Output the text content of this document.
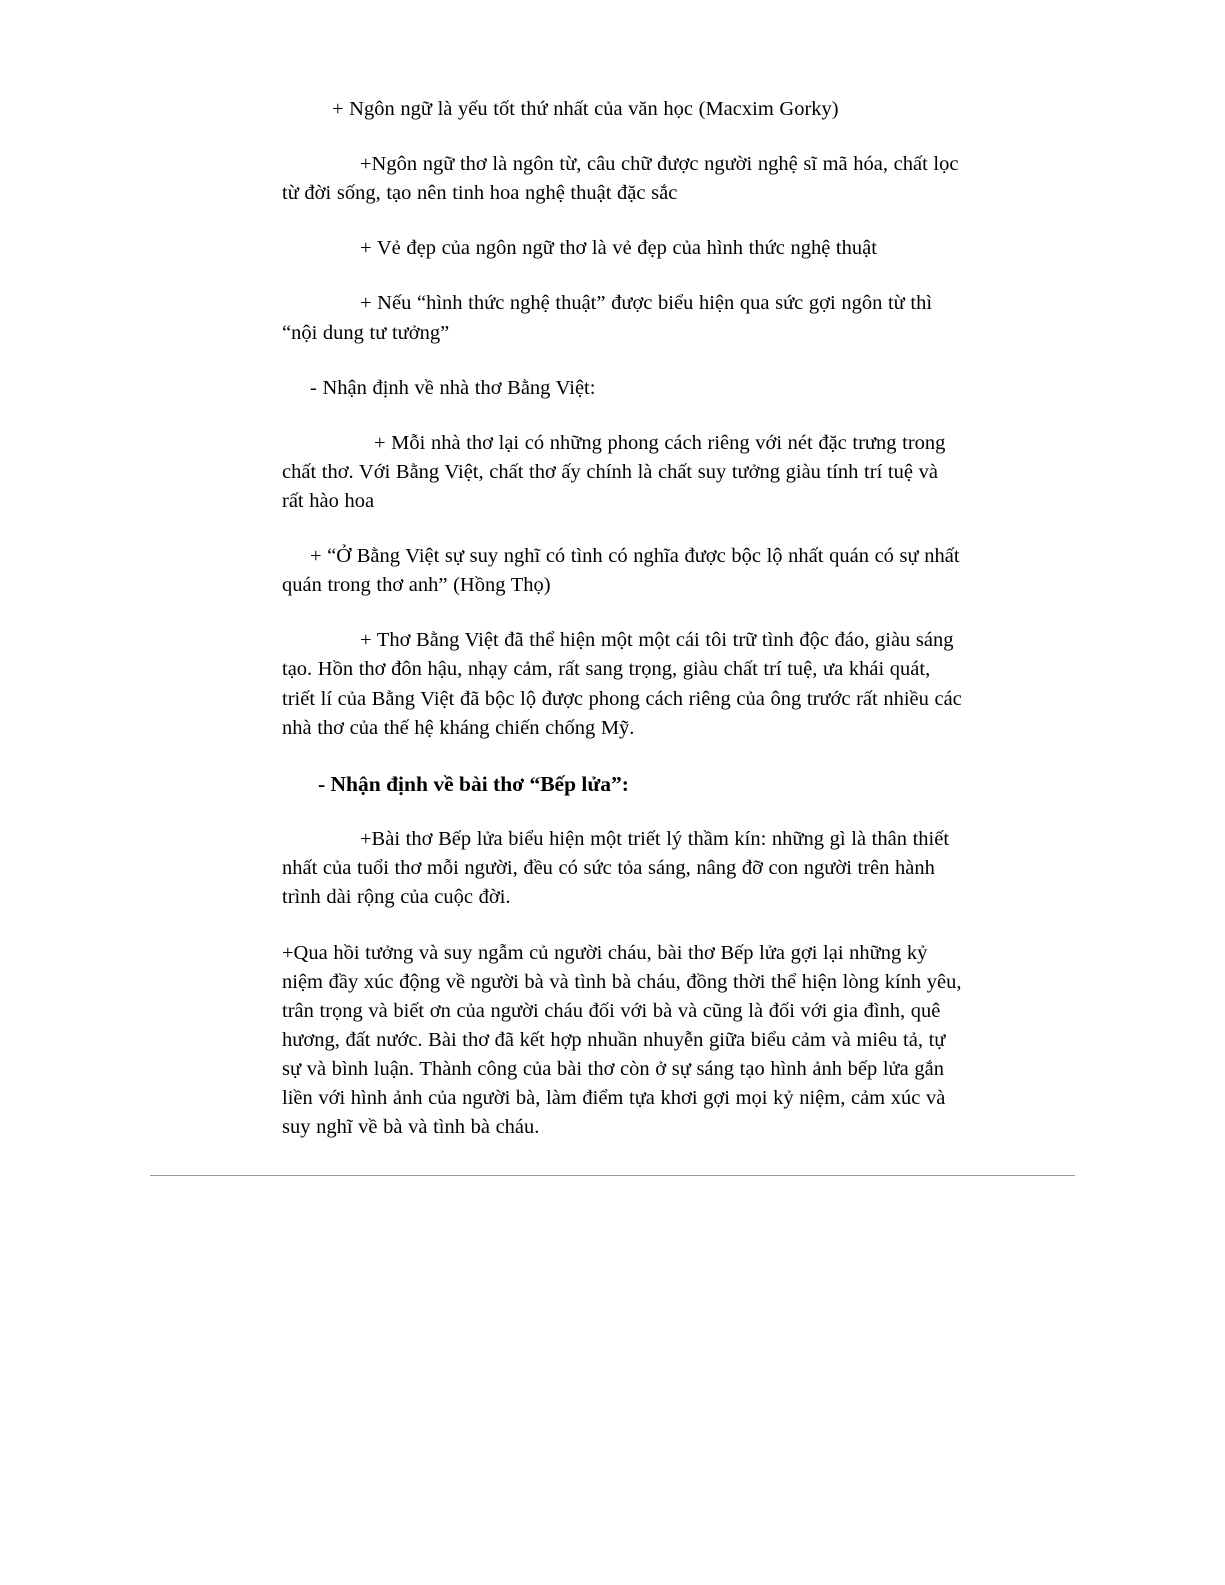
+ Ngôn ngữ là yếu tốt thứ nhất của văn học (Macxim Gorky)

+Ngôn ngữ thơ là ngôn từ, câu chữ được người nghệ sĩ mã hóa, chất lọc từ đời sống, tạo nên tinh hoa nghệ thuật đặc sắc

+ Vẻ đẹp của ngôn ngữ thơ là vẻ đẹp của hình thức nghệ thuật

+ Nếu “hình thức nghệ thuật” được biểu hiện qua sức gợi ngôn từ thì “nội dung tư tưởng”

- Nhận định về nhà thơ Bằng Việt:

+ Mỗi nhà thơ lại có những phong cách riêng với nét đặc trưng trong chất thơ. Với Bằng Việt, chất thơ ấy chính là chất suy tưởng giàu tính trí tuệ và rất hào hoa

+ “Ở Bằng Việt sự suy nghĩ có tình có nghĩa được bộc lộ nhất quán có sự nhất quán trong thơ anh” (Hồng Thọ)

+ Thơ Bằng Việt đã thể hiện một một cái tôi trữ tình độc đáo, giàu sáng tạo. Hồn thơ đôn hậu, nhạy cảm, rất sang trọng, giàu chất trí tuệ, ưa khái quát, triết lí của Bằng Việt đã bộc lộ được phong cách riêng của ông trước rất nhiều các nhà thơ của thế hệ kháng chiến chống Mỹ.

- Nhận định về bài thơ “Bếp lửa”:

+Bài thơ Bếp lửa biểu hiện một triết lý thầm kín: những gì là thân thiết nhất của tuổi thơ mỗi người, đều có sức tỏa sáng, nâng đỡ con người trên hành trình dài rộng của cuộc đời.

+Qua hồi tưởng và suy ngẫm củ người cháu, bài thơ Bếp lửa gợi lại những kỷ niệm đầy xúc động về người bà và tình bà cháu, đồng thời thể hiện lòng kính yêu, trân trọng và biết ơn của người cháu đối với bà và cũng là đối với gia đình, quê hương, đất nước. Bài thơ đã kết hợp nhuần nhuyễn giữa biểu cảm và miêu tả, tự sự và bình luận. Thành công của bài thơ còn ở sự sáng tạo hình ảnh bếp lửa gắn liền với hình ảnh của người bà, làm điểm tựa khơi gợi mọi kỷ niệm, cảm xúc và suy nghĩ về bà và tình bà cháu.
